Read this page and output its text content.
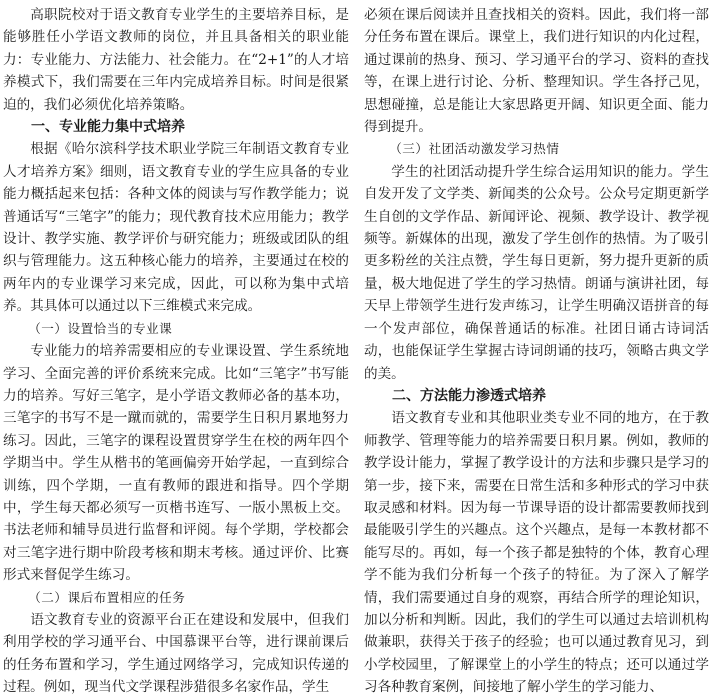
高职院校对于语文教育专业学生的主要培养目标，是能够胜任小学语文教师的岗位，并且具备相关的职业能力：专业能力、方法能力、社会能力。在“2+1”的人才培养模式下，我们需要在三年内完成培养目标。时间是很紧迫的，我们必须优化培养策略。

一、专业能力集中式培养

根据《哈尔滨科学技术职业学院三年制语文教育专业人才培养方案》细则，语文教育专业的学生应具备的专业能力概括起来包括：各种文体的阅读与写作教学能力；说普通话写“三笔字”的能力；现代教育技术应用能力；教学设计、教学实施、教学评价与研究能力；班级或团队的组织与管理能力。这五种核心能力的培养，主要通过在校的两年内的专业课学习来完成，因此，可以称为集中式培养。其具体可以通过以下三维模式来完成。

（一）设置恰当的专业课

专业能力的培养需要相应的专业课设置、学生系统地学习、全面完善的评价系统来完成。比如“三笔字”书写能力的培养。写好三笔字，是小学语文教师必备的基本功，三笔字的书写不是一蹴而就的，需要学生日积月累地努力练习。因此，三笔字的课程设置贯穿学生在校的两年四个学期当中。学生从楷书的笔画偏旁开始学起，一直到综合训练，四个学期，一直有教师的跟进和指导。四个学期中，学生每天都必须写一页楷书连写、一版小黑板上交。书法老师和辅导员进行监督和评阅。每个学期，学校都会对三笔字进行期中阶段考核和期末考核。通过评价、比赛形式来督促学生练习。

（二）课后布置相应的任务

语文教育专业的资源平台正在建设和发展中，但我们利用学校的学习通平台、中国慕课平台等，进行课前课后的任务布置和学习，学生通过网络学习，完成知识传递的过程。例如，现当代文学课程涉猎很多名家作品，学生

必须在课后阅读并且查找相关的资料。因此，我们将一部分任务布置在课后。课堂上，我们进行知识的内化过程，通过课前的热身、预习、学习通平台的学习、资料的查找等，在课上进行讨论、分析、整理知识。学生各抒己见，思想碰撞，总是能让大家思路更开阔、知识更全面、能力得到提升。

（三）社团活动激发学习热情

学生的社团活动提升学生综合运用知识的能力。学生自发开发了文学类、新闻类的公众号。公众号定期更新学生自创的文学作品、新闻评论、视频、教学设计、教学视频等。新媒体的出现，激发了学生创作的热情。为了吸引更多粉丝的关注点赞，学生每日更新，努力提升更新的质量，极大地促进了学生的学习热情。朗诵与演讲社团，每天早上带领学生进行发声练习，让学生明确汉语拼音的每一个发声部位，确保普通话的标准。社团日诵古诗词活动，也能保证学生掌握古诗词朗诵的技巧，领略古典文学的美。

二、方法能力渗透式培养

语文教育专业和其他职业类专业不同的地方，在于教师教学、管理等能力的培养需要日积月累。例如，教师的教学设计能力，掌握了教学设计的方法和步骤只是学习的第一步，接下来，需要在日常生活和多种形式的学习中获取灵感和材料。因为每一节课导语的设计都需要教师找到最能吸引学生的兴趣点。这个兴趣点，是每一本教材都不能写尽的。再如，每一个孩子都是独特的个体，教育心理学不能为我们分析每一个孩子的特征。为了深入了解学情，我们需要通过自身的观察，再结合所学的理论知识，加以分析和判断。因此，我们的学生可以通过去培训机构做兼职，获得关于孩子的经验；也可以通过教育见习，到小学校园里，了解课堂上的小学生的特点；还可以通过学习各种教育案例，间接地了解小学生的学习能力、
